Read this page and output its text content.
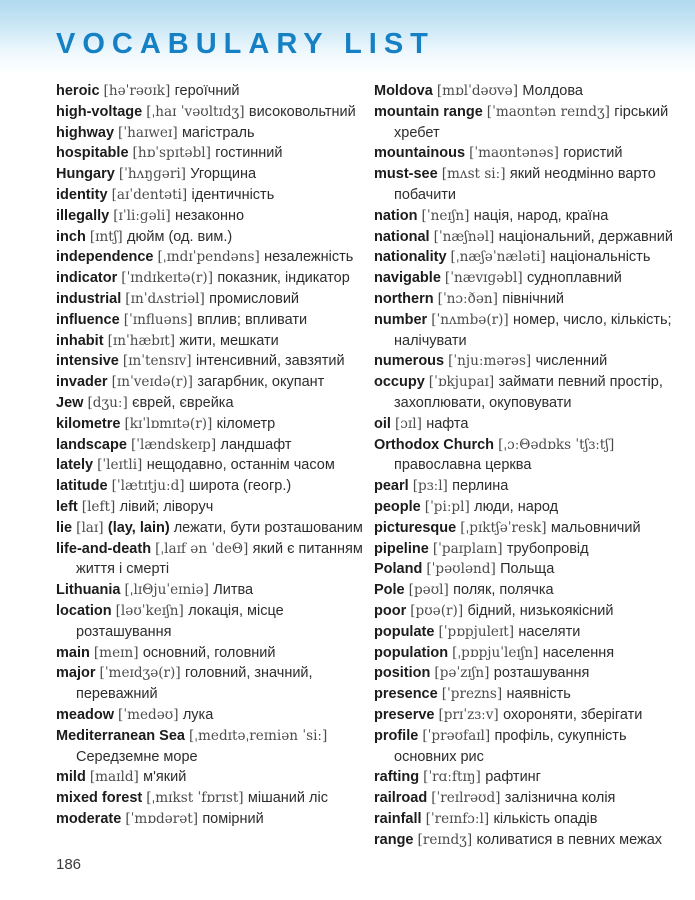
VOCABULARY LIST
heroic [həˈrəʊɪk] героїчний
high-voltage [ˌhaɪ ˈvəʊltɪdʒ] високовольтний
highway [ˈhaɪweɪ] магістраль
hospitable [hɒˈspɪtəbl] гостинний
Hungary [ˈhʌŋɡəri] Угорщина
identity [aɪˈdentəti] ідентичність
illegally [ɪˈliːɡəli] незаконно
inch [ɪntʃ] дюйм (од. вим.)
independence [ˌɪndɪˈpendəns] незалежність
indicator [ˈɪndɪkeɪtə(r)] показник, індикатор
industrial [ɪnˈdʌstriəl] промисловий
influence [ˈɪnfluəns] вплив; впливати
inhabit [ɪnˈhæbɪt] жити, мешкати
intensive [ɪnˈtensɪv] інтенсивний, завзятий
invader [ɪnˈveɪdə(r)] загарбник, окупант
Jew [dʒuː] єврей, єврейка
kilometre [kɪˈlɒmɪtə(r)] кілометр
landscape [ˈlændskeɪp] ландшафт
lately [ˈleɪtli] нещодавно, останнім часом
latitude [ˈlætɪtjuːd] широта (геогр.)
left [left] лівий; ліворуч
lie [laɪ] (lay, lain) лежати, бути розташованим
life-and-death [ˌlaɪf ən ˈdeΘ] який є питанням життя і смерті
Lithuania [ˌlɪΘjuˈeɪniə] Литва
location [ləʊˈkeɪʃn] локація, місце розташування
main [meɪn] основний, головний
major [ˈmeɪdʒə(r)] головний, значний, переважний
meadow [ˈmedəʊ] лука
Mediterranean Sea [ˌmedɪtəˌreɪniən ˈsiː] Середземне море
mild [maɪld] м'який
mixed forest [ˌmɪkst ˈfɒrɪst] мішаний ліс
moderate [ˈmɒdərət] помірний
Moldova [mɒlˈdəʊvə] Молдова
mountain range [ˈmaʊntən reɪndʒ] гірський хребет
mountainous [ˈmaʊntənəs] гористий
must-see [mʌst siː] який неодмінно варто побачити
nation [ˈneɪʃn] нація, народ, країна
national [ˈnæʃnəl] національний, державний
nationality [ˌnæʃəˈnæləti] національність
navigable [ˈnævɪɡəbl] судноплавний
northern [ˈnɔːðən] північний
number [ˈnʌmbə(r)] номер, число, кількість; налічувати
numerous [ˈnjuːmərəs] численний
occupy [ˈɒkjupaɪ] займати певний простір, захоплювати, окуповувати
oil [ɔɪl] нафта
Orthodox Church [ˌɔːΘədɒks ˈtʃɜːtʃ] православна церква
pearl [pɜːl] перлина
people [ˈpiːpl] люди, народ
picturesque [ˌpɪktʃəˈresk] мальовничий
pipeline [ˈpaɪplaɪn] трубопровід
Poland [ˈpəʊlənd] Польща
Pole [pəʊl] поляк, полячка
poor [pʊə(r)] бідний, низькоякісний
populate [ˈpɒpjuleɪt] населяти
population [ˌpɒpjuˈleɪʃn] населення
position [pəˈzɪʃn] розташування
presence [ˈprezns] наявність
preserve [prɪˈzɜːv] охороняти, зберігати
profile [ˈprəʊfaɪl] профіль, сукупність основних рис
rafting [ˈrɑːftɪŋ] рафтинг
railroad [ˈreɪlrəʊd] залізнична колія
rainfall [ˈreɪnfɔːl] кількість опадів
range [reɪndʒ] коливатися в певних межах
186
